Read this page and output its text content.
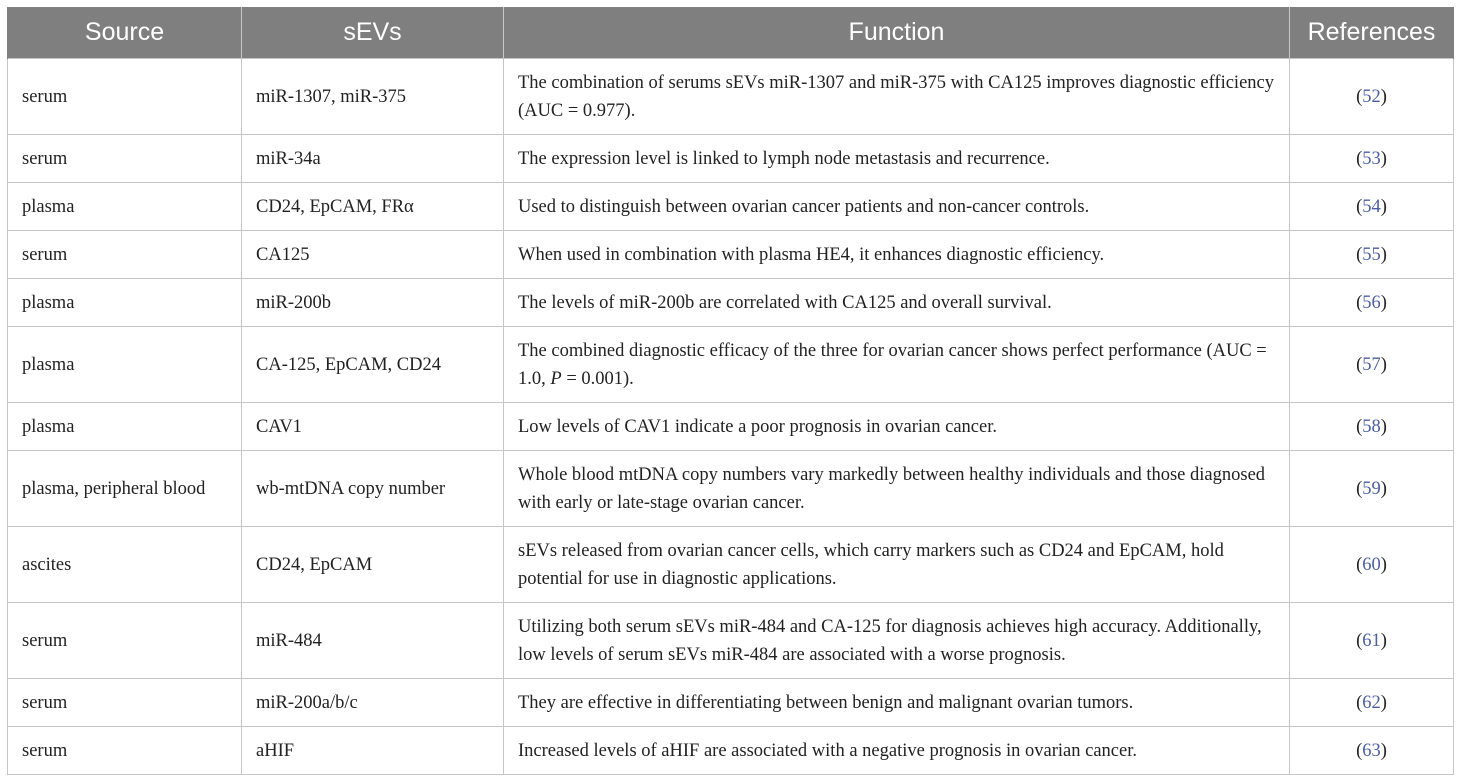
Source	sEVs	Function	References
serum	miR-1307, miR-375	The combination of serums sEVs miR-1307 and miR-375 with CA125 improves diagnostic efficiency (AUC = 0.977).	(52)
serum	miR-34a	The expression level is linked to lymph node metastasis and recurrence.	(53)
plasma	CD24, EpCAM, FRα	Used to distinguish between ovarian cancer patients and non-cancer controls.	(54)
serum	CA125	When used in combination with plasma HE4, it enhances diagnostic efficiency.	(55)
plasma	miR-200b	The levels of miR-200b are correlated with CA125 and overall survival.	(56)
plasma	CA-125, EpCAM, CD24	The combined diagnostic efficacy of the three for ovarian cancer shows perfect performance (AUC = 1.0, P = 0.001).	(57)
plasma	CAV1	Low levels of CAV1 indicate a poor prognosis in ovarian cancer.	(58)
plasma, peripheral blood	wb-mtDNA copy number	Whole blood mtDNA copy numbers vary markedly between healthy individuals and those diagnosed with early or late-stage ovarian cancer.	(59)
ascites	CD24, EpCAM	sEVs released from ovarian cancer cells, which carry markers such as CD24 and EpCAM, hold potential for use in diagnostic applications.	(60)
serum	miR-484	Utilizing both serum sEVs miR-484 and CA-125 for diagnosis achieves high accuracy. Additionally, low levels of serum sEVs miR-484 are associated with a worse prognosis.	(61)
serum	miR-200a/b/c	They are effective in differentiating between benign and malignant ovarian tumors.	(62)
serum	aHIF	Increased levels of aHIF are associated with a negative prognosis in ovarian cancer.	(63)
